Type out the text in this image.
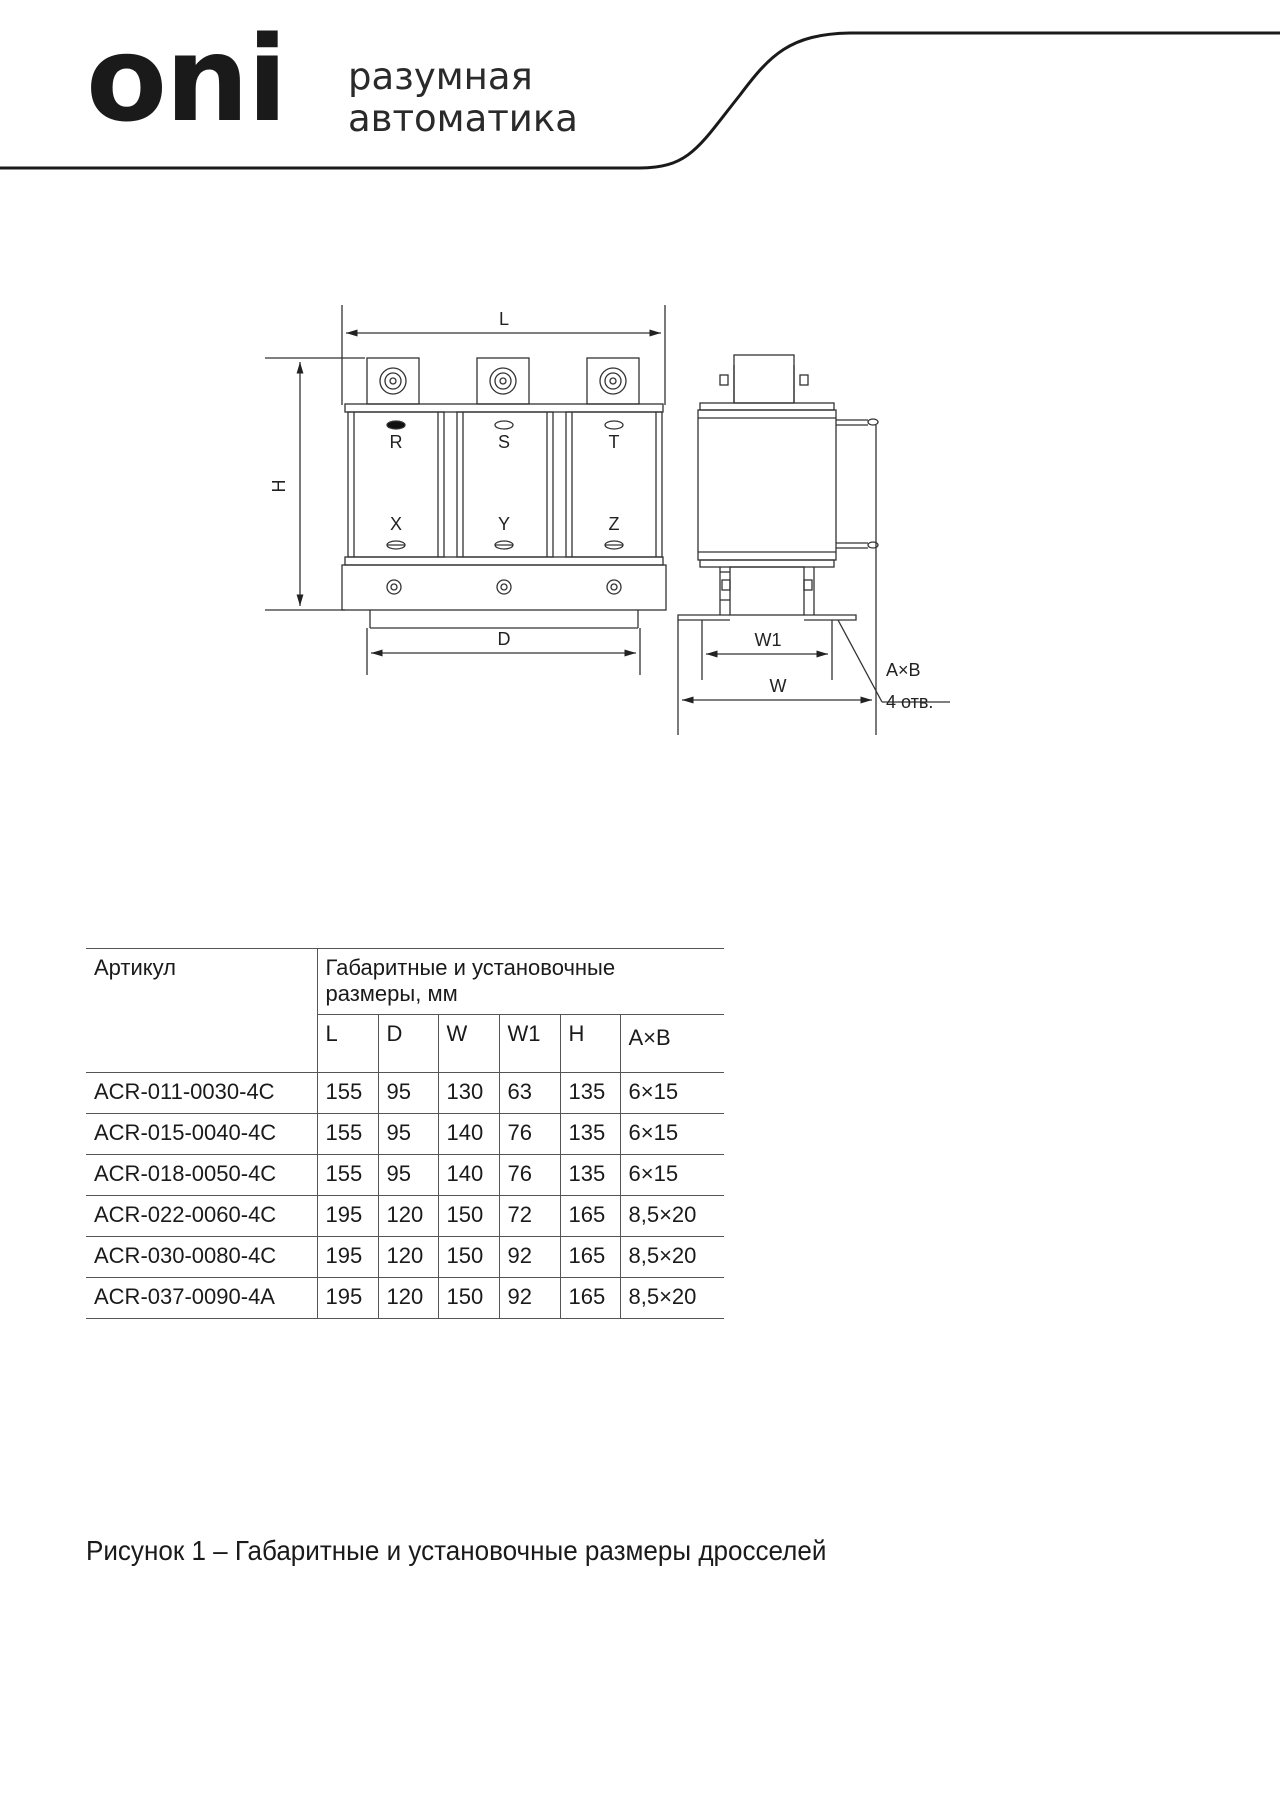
oni разумная
автоматика
L
H
D	W1
W
A×B
4 отв.
R	S	T
X	Y	Z
Артикул	Габаритные и установочные
размеры, мм					

	L	D	W	W1	H	A×B
ACR-011-0030-4C	155	95	130	63	135	6×15
ACR-015-0040-4C	155	95	140	76	135	6×15
ACR-018-0050-4C	155	95	140	76	135	6×15
ACR-022-0060-4C	195	120	150	72	165	8,5×20
ACR-030-0080-4C	195	120	150	92	165	8,5×20
ACR-037-0090-4A	195	120	150	92	165	8,5×20
Рисунок 1 – Габаритные и установочные размеры дросселей
